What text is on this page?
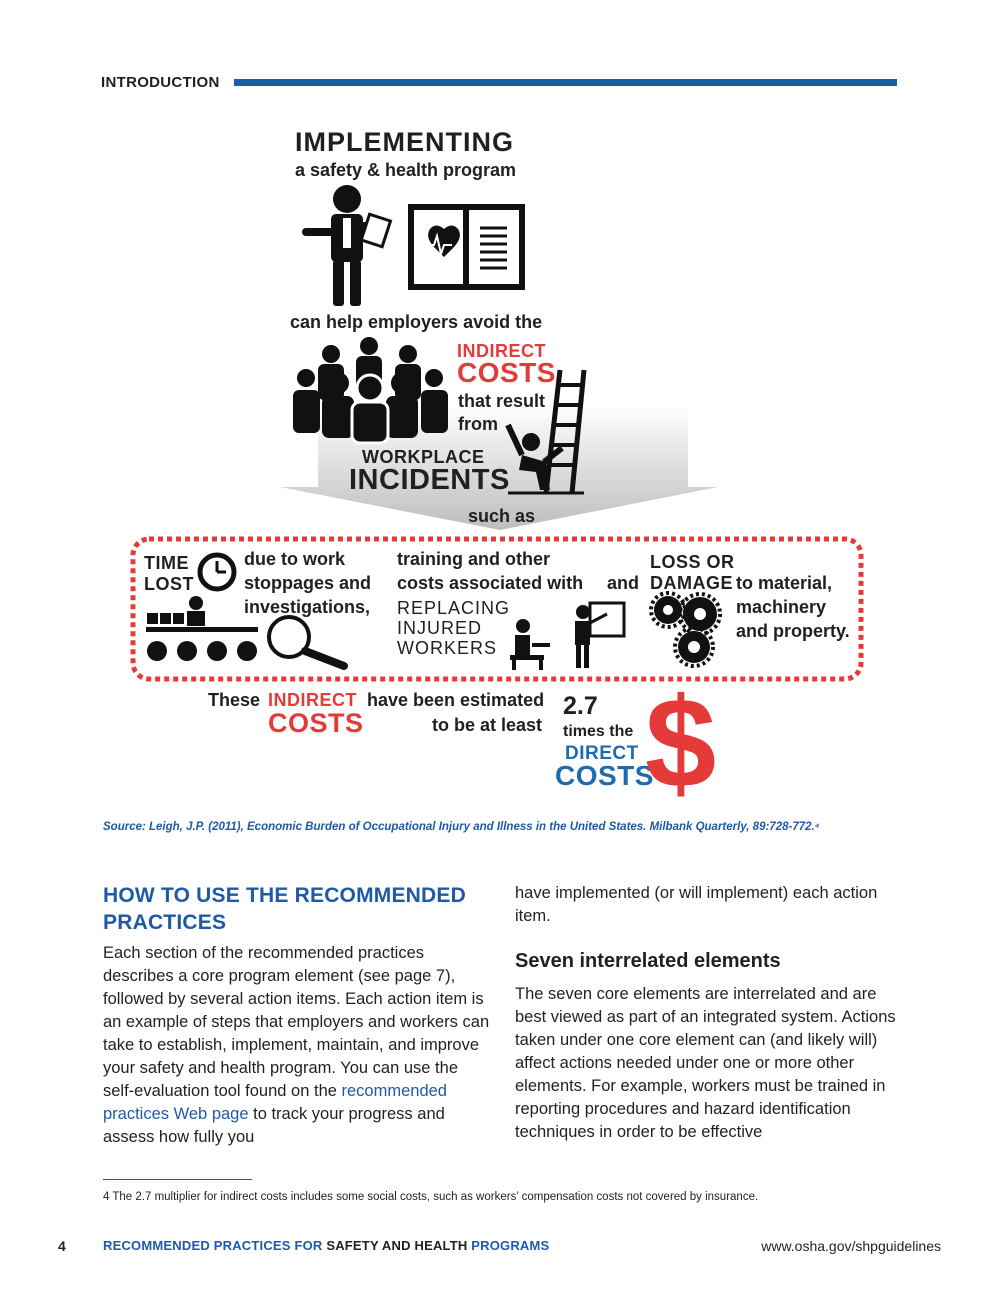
INTRODUCTION
IMPLEMENTING
a safety & health program
can help employers avoid the
INDIRECT
COSTS
that result
from
WORKPLACE
INCIDENTS
such as
TIME
LOST
due to work
stoppages and
investigations,
training and other
costs associated with
REPLACING
INJURED
WORKERS
and
LOSS OR
DAMAGE to material,
machinery
and property.
These INDIRECT
COSTS
have been estimated
to be at least
2.7
times the
DIRECT
COSTS
$
Source: Leigh, J.P. (2011), Economic Burden of Occupational Injury and Illness in the United States. Milbank Quarterly, 89:728-772.⁴
HOW TO USE THE RECOMMENDED
PRACTICES
Each section of the recommended practices describes a core program element (see page 7), followed by several action items. Each action item is an example of steps that employers and workers can take to establish, implement, maintain, and improve your safety and health program. You can use the self-evaluation tool found on the recommended practices Web page to track your progress and assess how fully you
have implemented (or will implement) each action item.
Seven interrelated elements
The seven core elements are interrelated and are best viewed as part of an integrated system. Actions taken under one core element can (and likely will) affect actions needed under one or more other elements. For example, workers must be trained in reporting procedures and hazard identification techniques in order to be effective
4 The 2.7 multiplier for indirect costs includes some social costs, such as workers’ compensation costs not covered by insurance.
4	RECOMMENDED PRACTICES FOR SAFETY AND HEALTH PROGRAMS	www.osha.gov/shpguidelines
